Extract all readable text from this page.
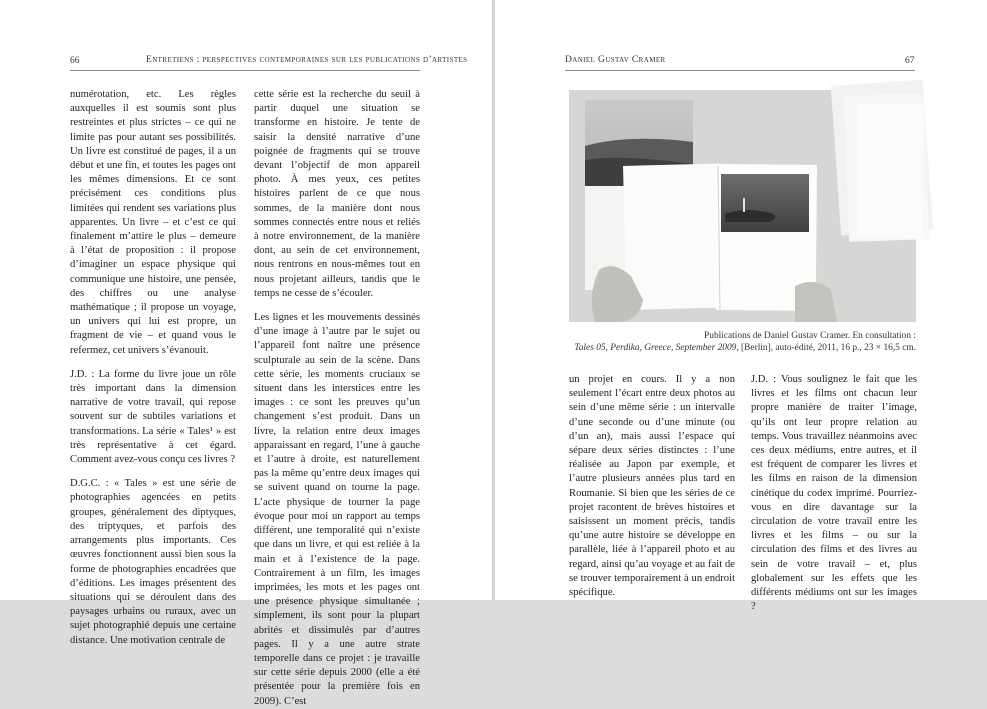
66	Entretiens : perspectives contemporaines sur les publications d’artistes

numérotation, etc. Les règles auxquelles il est soumis sont plus restreintes et plus strictes – ce qui ne limite pas pour autant ses possibilités. Un livre est constitué de pages, il a un début et une fin, et toutes les pages ont les mêmes dimensions. Et ce sont précisément ces conditions plus limitées qui rendent ses variations plus apparentes. Un livre – et c’est ce qui finalement m’attire le plus – demeure à l’état de proposition : il propose d’imaginer un espace physique qui communique une histoire, une pensée, des chiffres ou une analyse mathématique ; il propose un voyage, un univers qui lui est propre, un fragment de vie – et quand vous le refermez, cet univers s’évanouit.

J.D. : La forme du livre joue un rôle très important dans la dimension narrative de votre travail, qui repose souvent sur de subtiles variations et transformations. La série « Tales¹ » est très représentative à cet égard. Comment avez-vous conçu ces livres ?

D.G.C. : « Tales » est une série de photographies agencées en petits groupes, généralement des diptyques, des triptyques, et parfois des arrangements plus importants. Ces œuvres fonctionnent aussi bien sous la forme de photographies encadrées que d’éditions. Les images présentent des situations qui se déroulent dans des paysages urbains ou ruraux, avec un sujet photographié depuis une certaine distance. Une motivation centrale de

cette série est la recherche du seuil à partir duquel une situation se transforme en histoire. Je tente de saisir la densité narrative d’une poignée de fragments qui se trouve devant l’objectif de mon appareil photo. À mes yeux, ces petites histoires parlent de ce que nous sommes, de la manière dont nous sommes connectés entre nous et reliés à notre environnement, de la manière dont, au sein de cet environnement, nous rentrons en nous-mêmes tout en nous projetant ailleurs, tandis que le temps ne cesse de s’écouler.

Les lignes et les mouvements dessinés d’une image à l’autre par le sujet ou l’appareil font naître une présence sculpturale au sein de la scène. Dans cette série, les moments cruciaux se situent dans les interstices entre les images : ce sont les preuves qu’un changement s’est produit. Dans un livre, la relation entre deux images apparaissant en regard, l’une à gauche et l’autre à droite, est naturellement pas la même qu’entre deux images qui se suivent quand on tourne la page. L’acte physique de tourner la page évoque pour moi un rapport au temps différent, une temporalité qui n’existe que dans un livre, et qui est reliée à la main et à l’existence de la page. Contrairement à un film, les images imprimées, les mots et les pages ont une présence physique simultanée ; simplement, ils sont pour la plupart abrités et dissimulés par d’autres pages. Il y a une autre strate temporelle dans ce projet : je travaille sur cette série depuis 2000 (elle a été présentée pour la première fois en 2009). C’est

Daniel Gustav Cramer	67
Publications de Daniel Gustav Cramer. En consultation :
Tales 05, Perdika, Greece, September 2009, [Berlin], auto-édité, 2011, 16 p., 23 × 16,5 cm.

un projet en cours. Il y a non seulement l’écart entre deux photos au sein d’une même série : un intervalle d’une seconde ou d’une minute (ou d’un an), mais aussi l’espace qui sépare deux séries distinctes : l’une réalisée au Japon par exemple, et l’autre plusieurs années plus tard en Roumanie. Si bien que les séries de ce projet racontent de brèves histoires et saisissent un moment précis, tandis qu’une autre histoire se développe en parallèle, liée à l’appareil photo et au regard, ainsi qu’au voyage et au fait de se trouver temporairement à un endroit spécifique.

J.D. : Vous soulignez le fait que les livres et les films ont chacun leur propre manière de traiter l’image, qu’ils ont leur propre relation au temps. Vous travaillez néanmoins avec ces deux médiums, entre autres, et il est fréquent de comparer les livres et les films en raison de la dimension cinétique du codex imprimé. Pourriez-vous en dire davantage sur la circulation de votre travail entre les livres et les films – ou sur la circulation des films et des livres au sein de votre travail – et, plus globalement sur les effets que les différents médiums ont sur les images ?
